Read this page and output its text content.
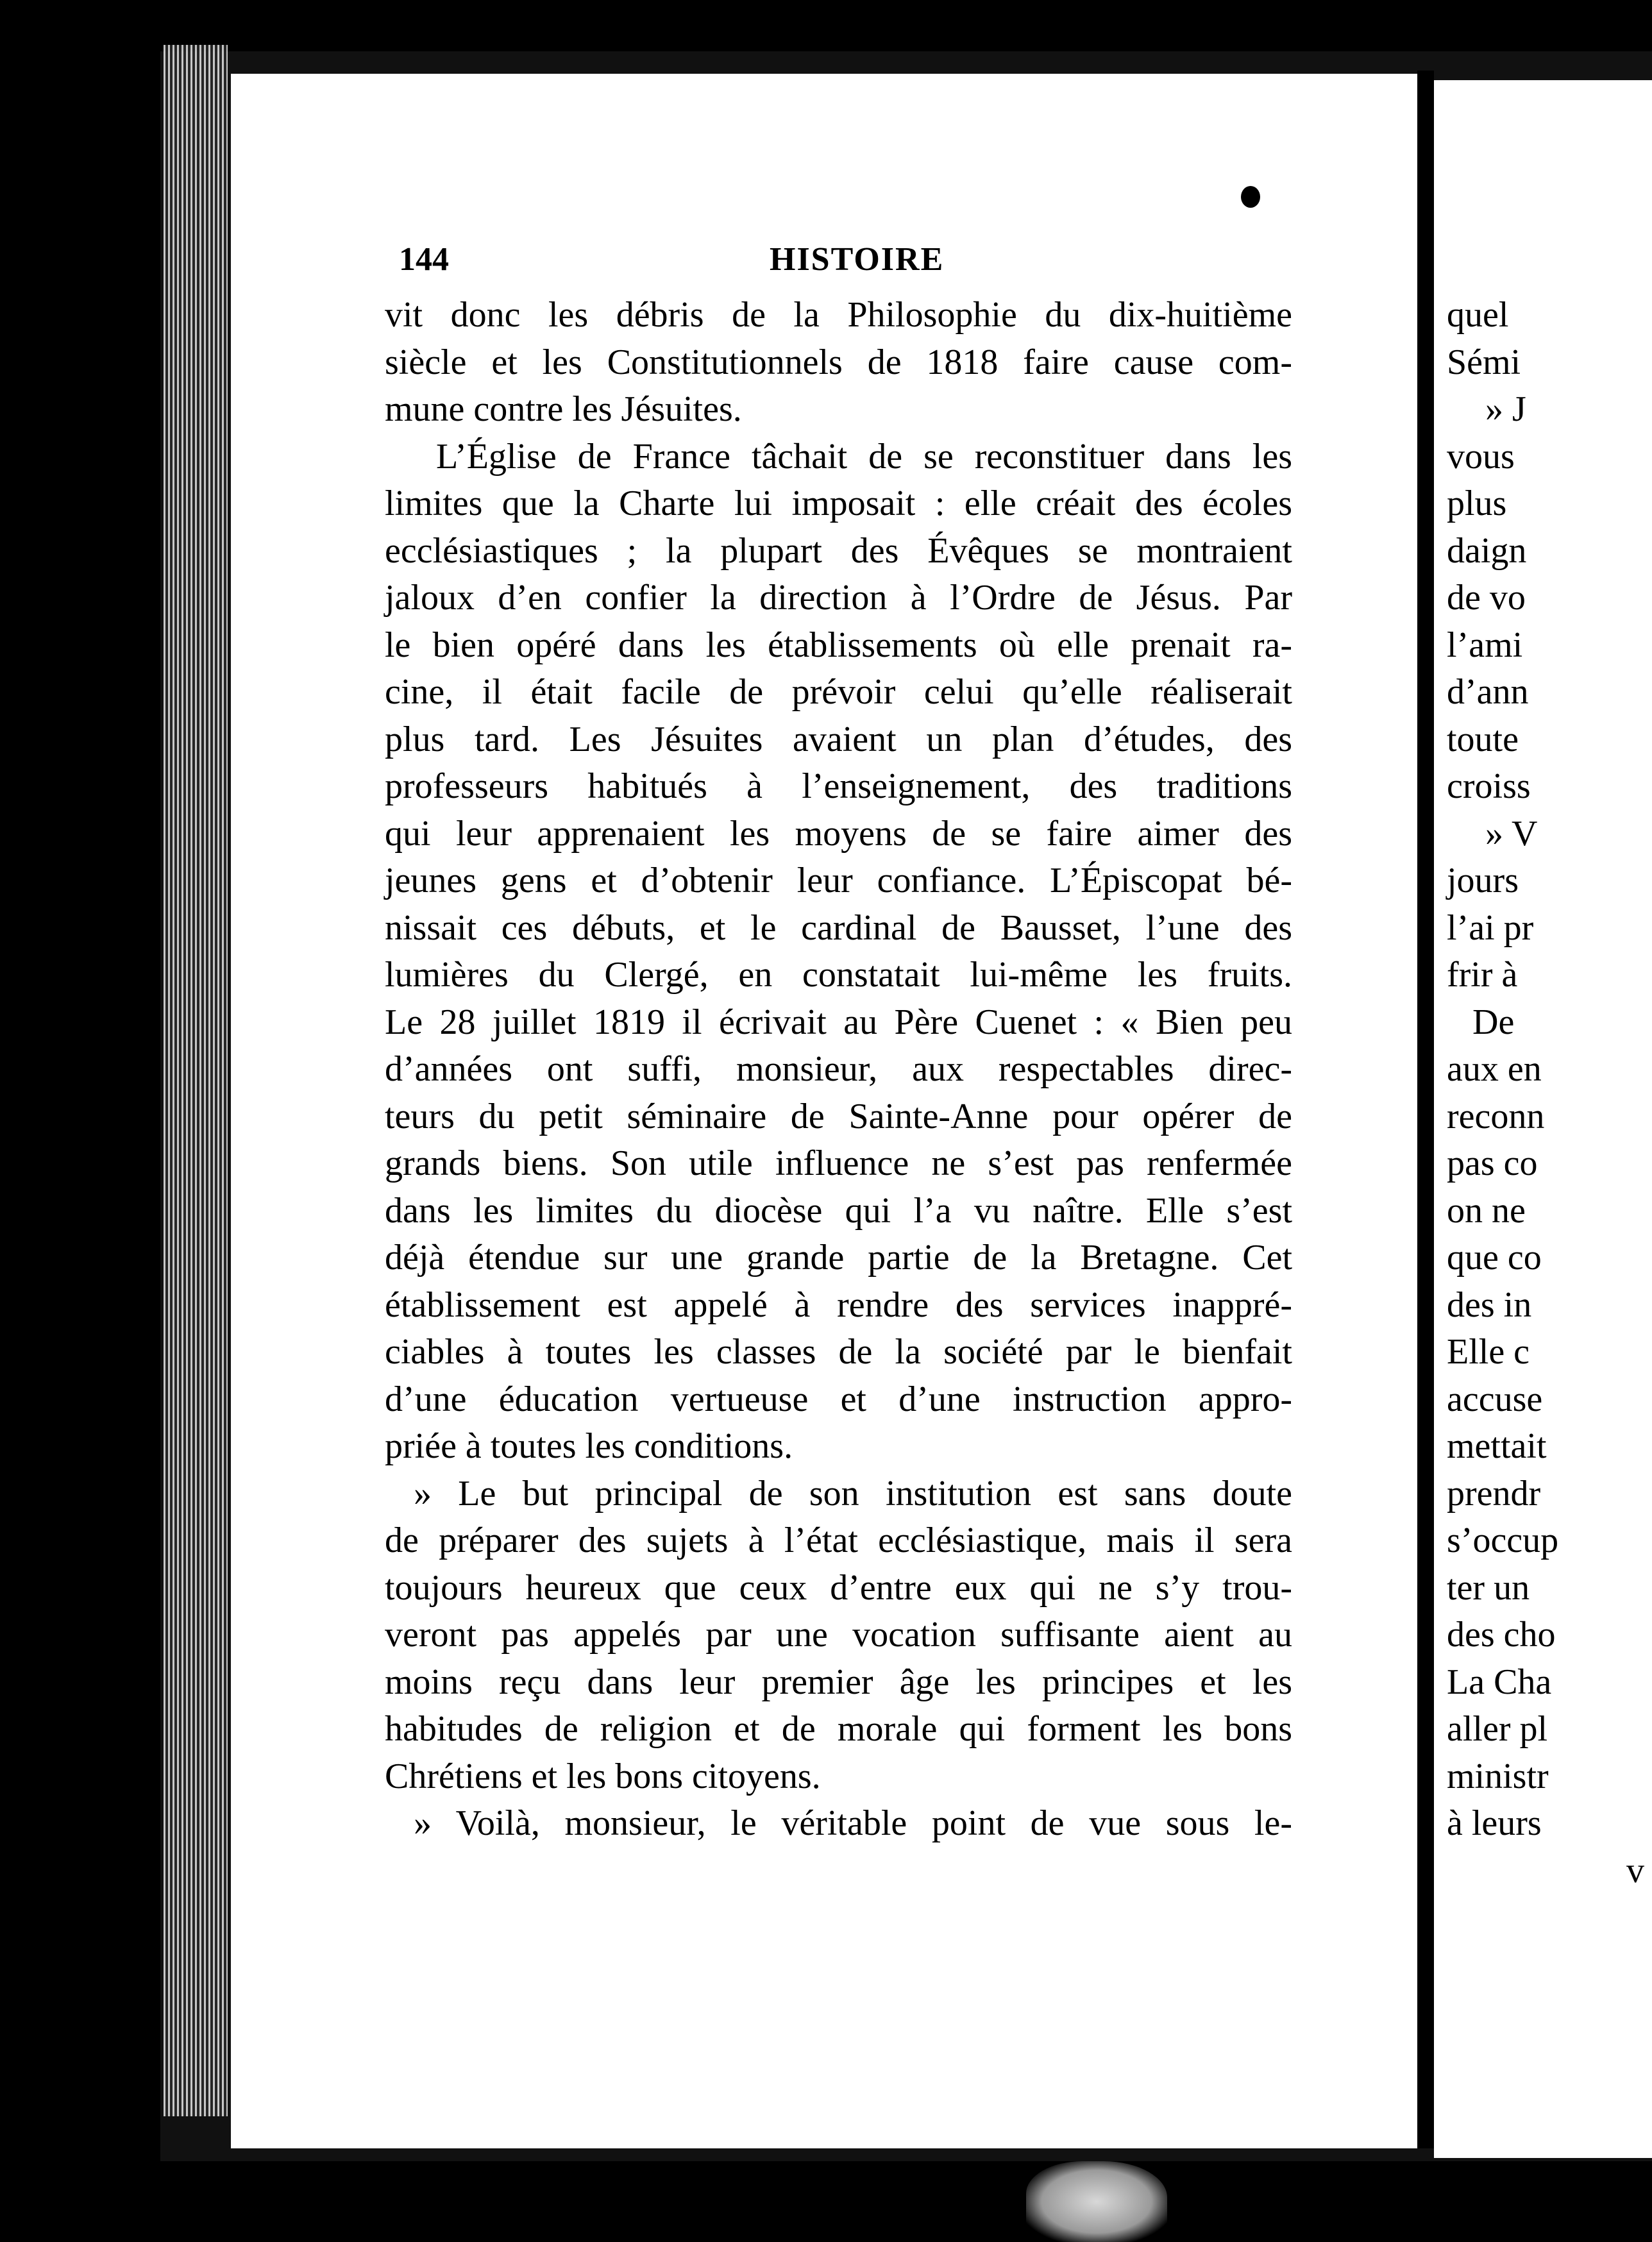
144	HISTOIRE
vit donc les débris de la Philosophie du dix-huitième
siècle et les Constitutionnels de 1818 faire cause com-
mune contre les Jésuites.
L’Église de France tâchait de se reconstituer dans les
limites que la Charte lui imposait : elle créait des écoles
ecclésiastiques ; la plupart des Évêques se montraient
jaloux d’en confier la direction à l’Ordre de Jésus. Par
le bien opéré dans les établissements où elle prenait ra-
cine, il était facile de prévoir celui qu’elle réaliserait
plus tard. Les Jésuites avaient un plan d’études, des
professeurs habitués à l’enseignement, des traditions
qui leur apprenaient les moyens de se faire aimer des
jeunes gens et d’obtenir leur confiance. L’Épiscopat bé-
nissait ces débuts, et le cardinal de Bausset, l’une des
lumières du Clergé, en constatait lui-même les fruits.
Le 28 juillet 1819 il écrivait au Père Cuenet : « Bien peu
d’années ont suffi, monsieur, aux respectables direc-
teurs du petit séminaire de Sainte-Anne pour opérer de
grands biens. Son utile influence ne s’est pas renfermée
dans les limites du diocèse qui l’a vu naître. Elle s’est
déjà étendue sur une grande partie de la Bretagne. Cet
établissement est appelé à rendre des services inappré-
ciables à toutes les classes de la société par le bienfait
d’une éducation vertueuse et d’une instruction appro-
priée à toutes les conditions.
» Le but principal de son institution est sans doute
de préparer des sujets à l’état ecclésiastique, mais il sera
toujours heureux que ceux d’entre eux qui ne s’y trou-
veront pas appelés par une vocation suffisante aient au
moins reçu dans leur premier âge les principes et les
habitudes de religion et de morale qui forment les bons
Chrétiens et les bons citoyens.
» Voilà, monsieur, le véritable point de vue sous le-
quel
Sémi
» J
vous
plus
daign
de vo
l’ami
d’ann
toute
croiss
» V
jours
l’ai pr
frir à
De
aux en
reconn
pas co
on ne
que co
des in
Elle c
accuse
mettait
prendr
s’occup
ter un
des cho
La Cha
aller pl
ministr
à leurs
v
